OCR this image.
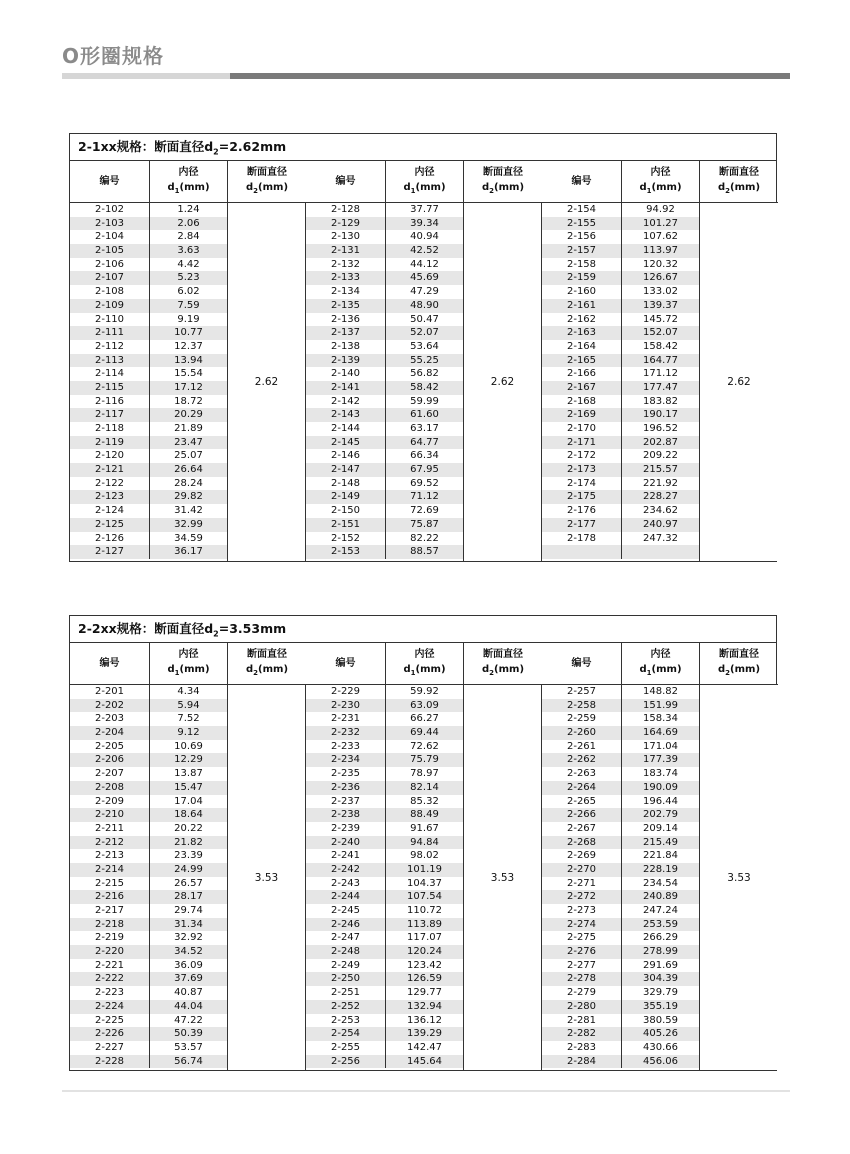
O形圈规格
2-1xx规格：断面直径$d_2=2.62mm$
编号
内径
$d_1(mm)$
断面直径
$d_2(mm)$
2-102	1.24
2-103	2.06
2-104	2.84
2-105	3.63
2-106	4.42
2-107	5.23
2-108	6.02
2-109	7.59
2-110	9.19
2-111	10.77
2-112	12.37
2-113	13.94
2-114	15.54
2-115	17.12
2-116	18.72
2-117	20.29
2-118	21.89
2-119	23.47
2-120	25.07
2-121	26.64
2-122	28.24
2-123	29.82
2-124	31.42
2-125	32.99
2-126	34.59
2-127	36.17
2.62
编号
内径
$d_1(mm)$
断面直径
$d_2(mm)$
2-128	37.77
2-129	39.34
2-130	40.94
2-131	42.52
2-132	44.12
2-133	45.69
2-134	47.29
2-135	48.90
2-136	50.47
2-137	52.07
2-138	53.64
2-139	55.25
2-140	56.82
2-141	58.42
2-142	59.99
2-143	61.60
2-144	63.17
2-145	64.77
2-146	66.34
2-147	67.95
2-148	69.52
2-149	71.12
2-150	72.69
2-151	75.87
2-152	82.22
2-153	88.57
2.62
编号
内径
$d_1(mm)$
断面直径
$d_2(mm)$
2-154	94.92
2-155	101.27
2-156	107.62
2-157	113.97
2-158	120.32
2-159	126.67
2-160	133.02
2-161	139.37
2-162	145.72
2-163	152.07
2-164	158.42
2-165	164.77
2-166	171.12
2-167	177.47
2-168	183.82
2-169	190.17
2-170	196.52
2-171	202.87
2-172	209.22
2-173	215.57
2-174	221.92
2-175	228.27
2-176	234.62
2-177	240.97
2-178	247.32
2.62
2-2xx规格：断面直径$d_2=3.53mm$
编号
内径
$d_1(mm)$
断面直径
$d_2(mm)$
2-201	4.34
2-202	5.94
2-203	7.52
2-204	9.12
2-205	10.69
2-206	12.29
2-207	13.87
2-208	15.47
2-209	17.04
2-210	18.64
2-211	20.22
2-212	21.82
2-213	23.39
2-214	24.99
2-215	26.57
2-216	28.17
2-217	29.74
2-218	31.34
2-219	32.92
2-220	34.52
2-221	36.09
2-222	37.69
2-223	40.87
2-224	44.04
2-225	47.22
2-226	50.39
2-227	53.57
2-228	56.74
3.53
编号
内径
$d_1(mm)$
断面直径
$d_2(mm)$
2-229	59.92
2-230	63.09
2-231	66.27
2-232	69.44
2-233	72.62
2-234	75.79
2-235	78.97
2-236	82.14
2-237	85.32
2-238	88.49
2-239	91.67
2-240	94.84
2-241	98.02
2-242	101.19
2-243	104.37
2-244	107.54
2-245	110.72
2-246	113.89
2-247	117.07
2-248	120.24
2-249	123.42
2-250	126.59
2-251	129.77
2-252	132.94
2-253	136.12
2-254	139.29
2-255	142.47
2-256	145.64
3.53
编号
内径
$d_1(mm)$
断面直径
$d_2(mm)$
2-257	148.82
2-258	151.99
2-259	158.34
2-260	164.69
2-261	171.04
2-262	177.39
2-263	183.74
2-264	190.09
2-265	196.44
2-266	202.79
2-267	209.14
2-268	215.49
2-269	221.84
2-270	228.19
2-271	234.54
2-272	240.89
2-273	247.24
2-274	253.59
2-275	266.29
2-276	278.99
2-277	291.69
2-278	304.39
2-279	329.79
2-280	355.19
2-281	380.59
2-282	405.26
2-283	430.66
2-284	456.06
3.53
